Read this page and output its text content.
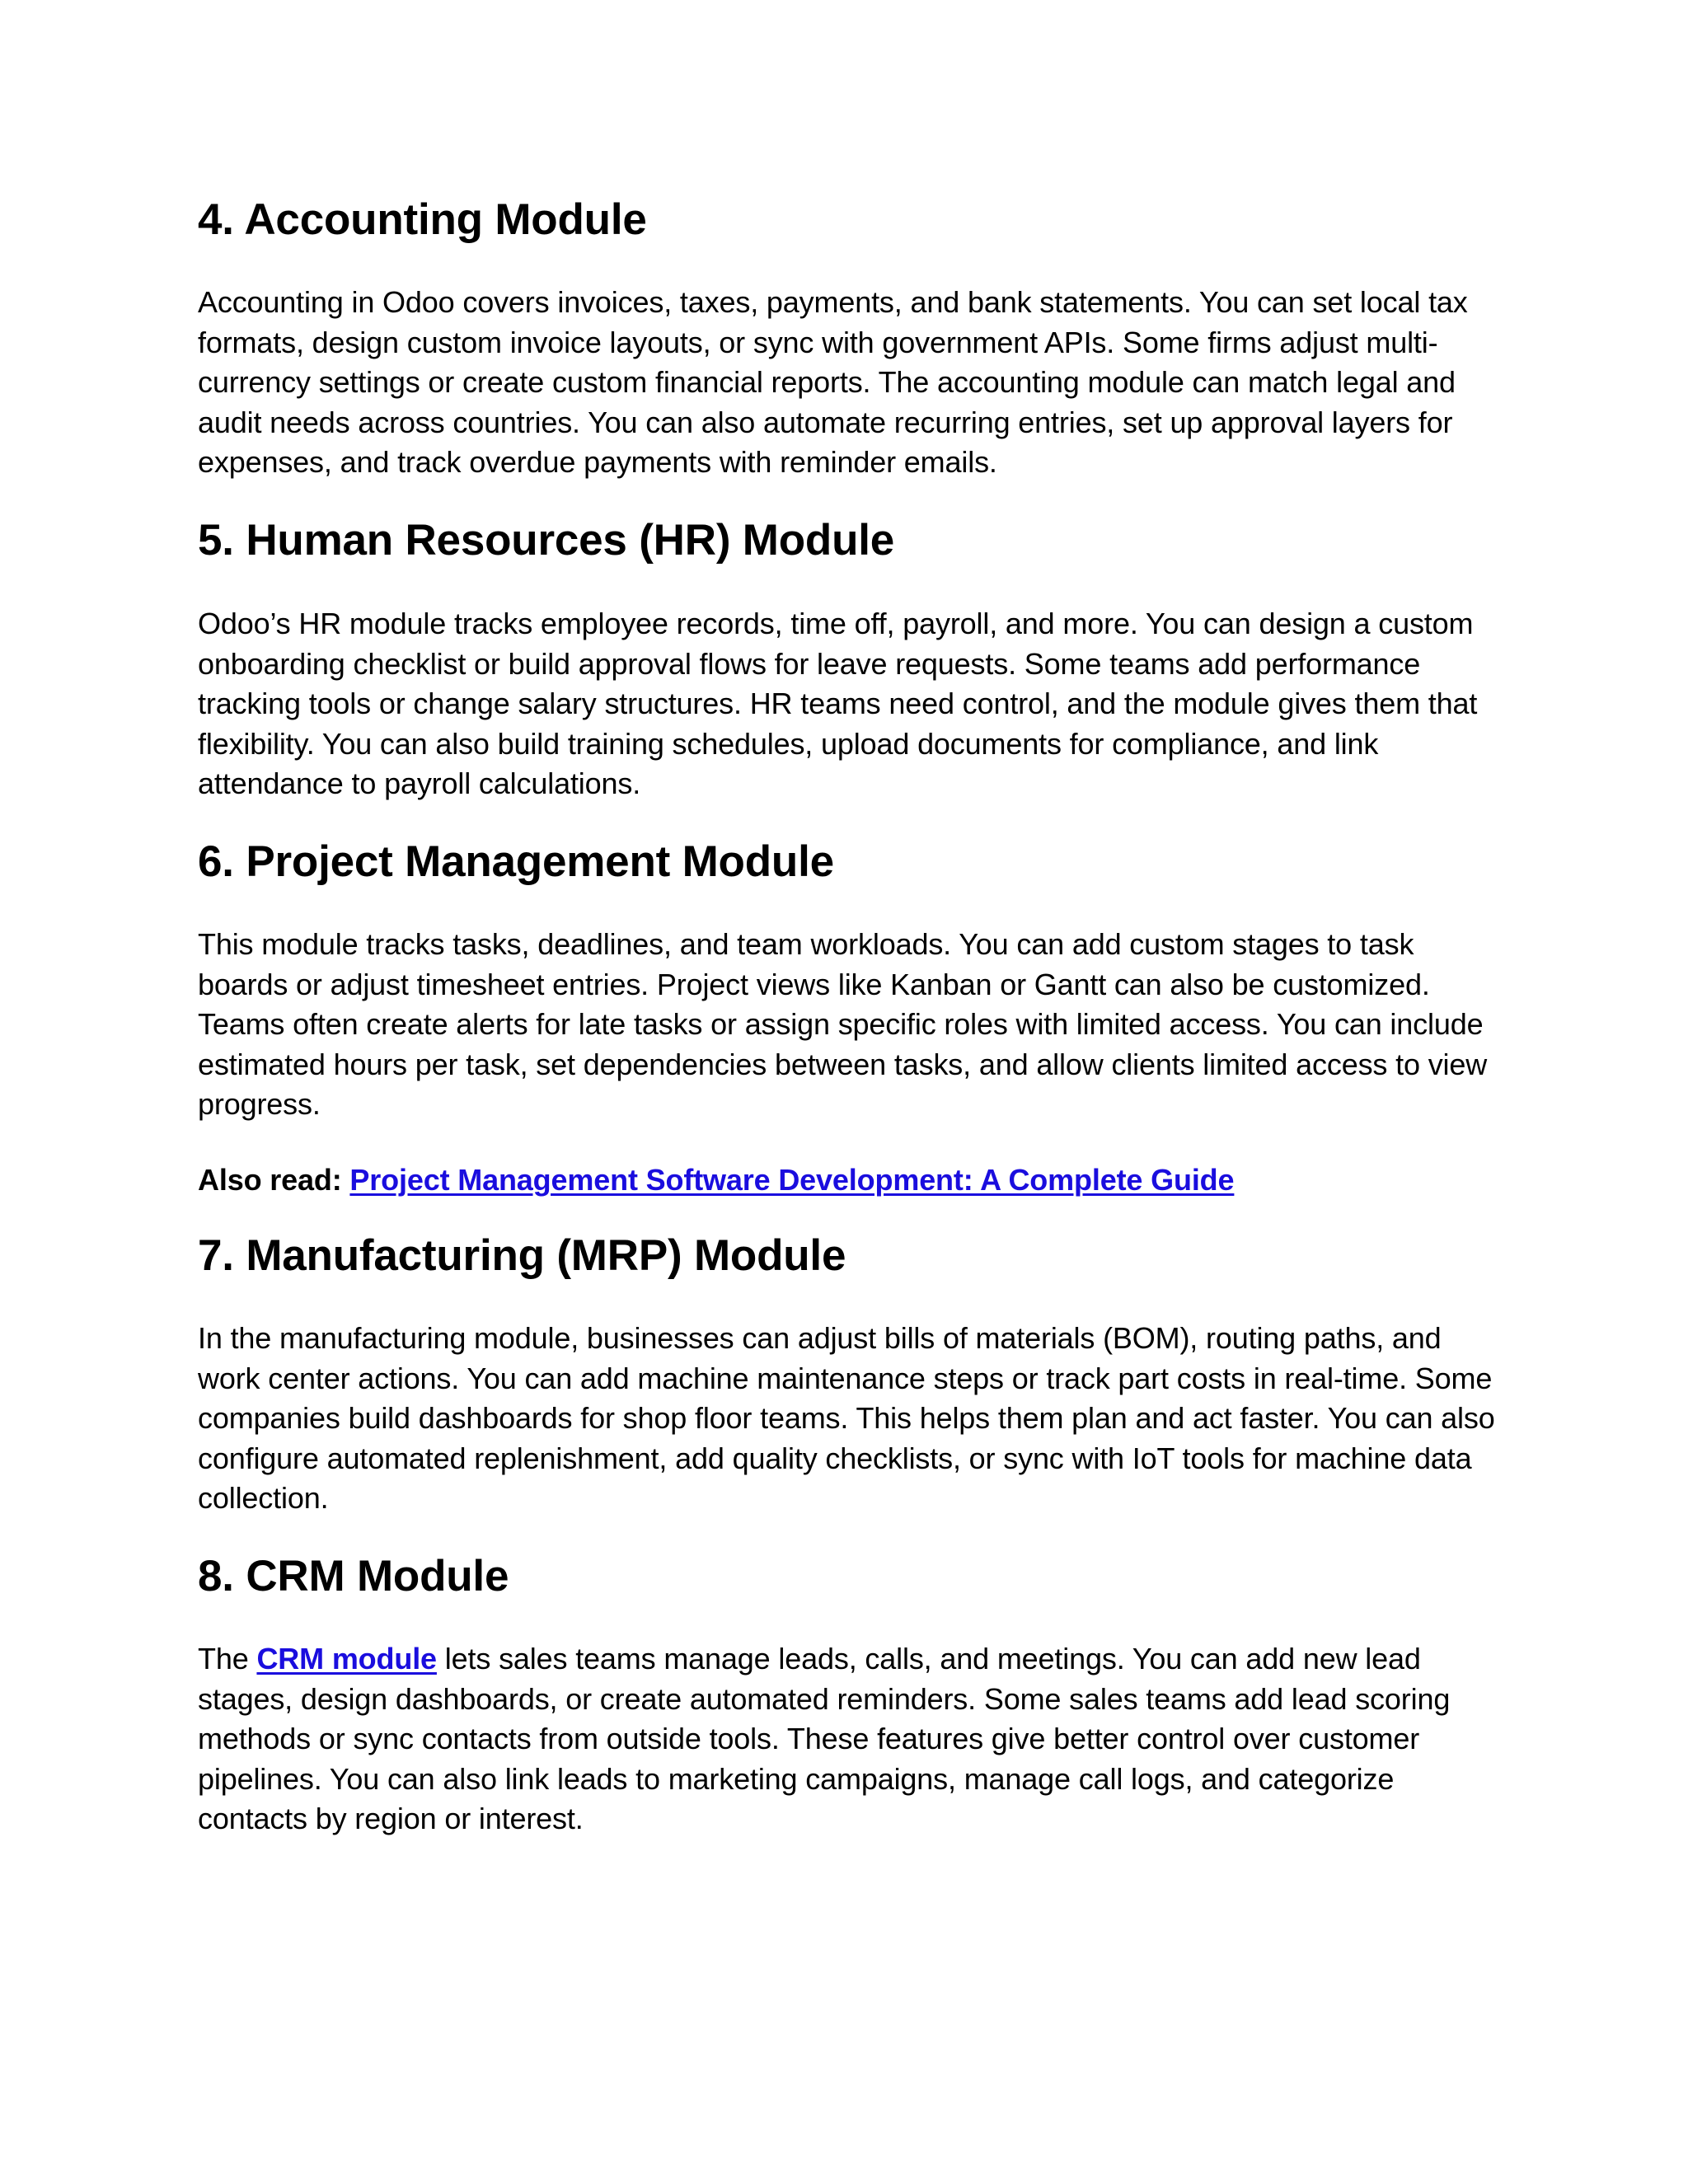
4. Accounting Module

Accounting in Odoo covers invoices, taxes, payments, and bank statements. You can set local tax formats, design custom invoice layouts, or sync with government APIs. Some firms adjust multi-currency settings or create custom financial reports. The accounting module can match legal and audit needs across countries. You can also automate recurring entries, set up approval layers for expenses, and track overdue payments with reminder emails.

5. Human Resources (HR) Module

Odoo’s HR module tracks employee records, time off, payroll, and more. You can design a custom onboarding checklist or build approval flows for leave requests. Some teams add performance tracking tools or change salary structures. HR teams need control, and the module gives them that flexibility. You can also build training schedules, upload documents for compliance, and link attendance to payroll calculations.

6. Project Management Module

This module tracks tasks, deadlines, and team workloads. You can add custom stages to task boards or adjust timesheet entries. Project views like Kanban or Gantt can also be customized. Teams often create alerts for late tasks or assign specific roles with limited access. You can include estimated hours per task, set dependencies between tasks, and allow clients limited access to view progress.

Also read: Project Management Software Development: A Complete Guide

7. Manufacturing (MRP) Module

In the manufacturing module, businesses can adjust bills of materials (BOM), routing paths, and work center actions. You can add machine maintenance steps or track part costs in real-time. Some companies build dashboards for shop floor teams. This helps them plan and act faster. You can also configure automated replenishment, add quality checklists, or sync with IoT tools for machine data collection.

8. CRM Module

The CRM module lets sales teams manage leads, calls, and meetings. You can add new lead stages, design dashboards, or create automated reminders. Some sales teams add lead scoring methods or sync contacts from outside tools. These features give better control over customer pipelines. You can also link leads to marketing campaigns, manage call logs, and categorize contacts by region or interest.
